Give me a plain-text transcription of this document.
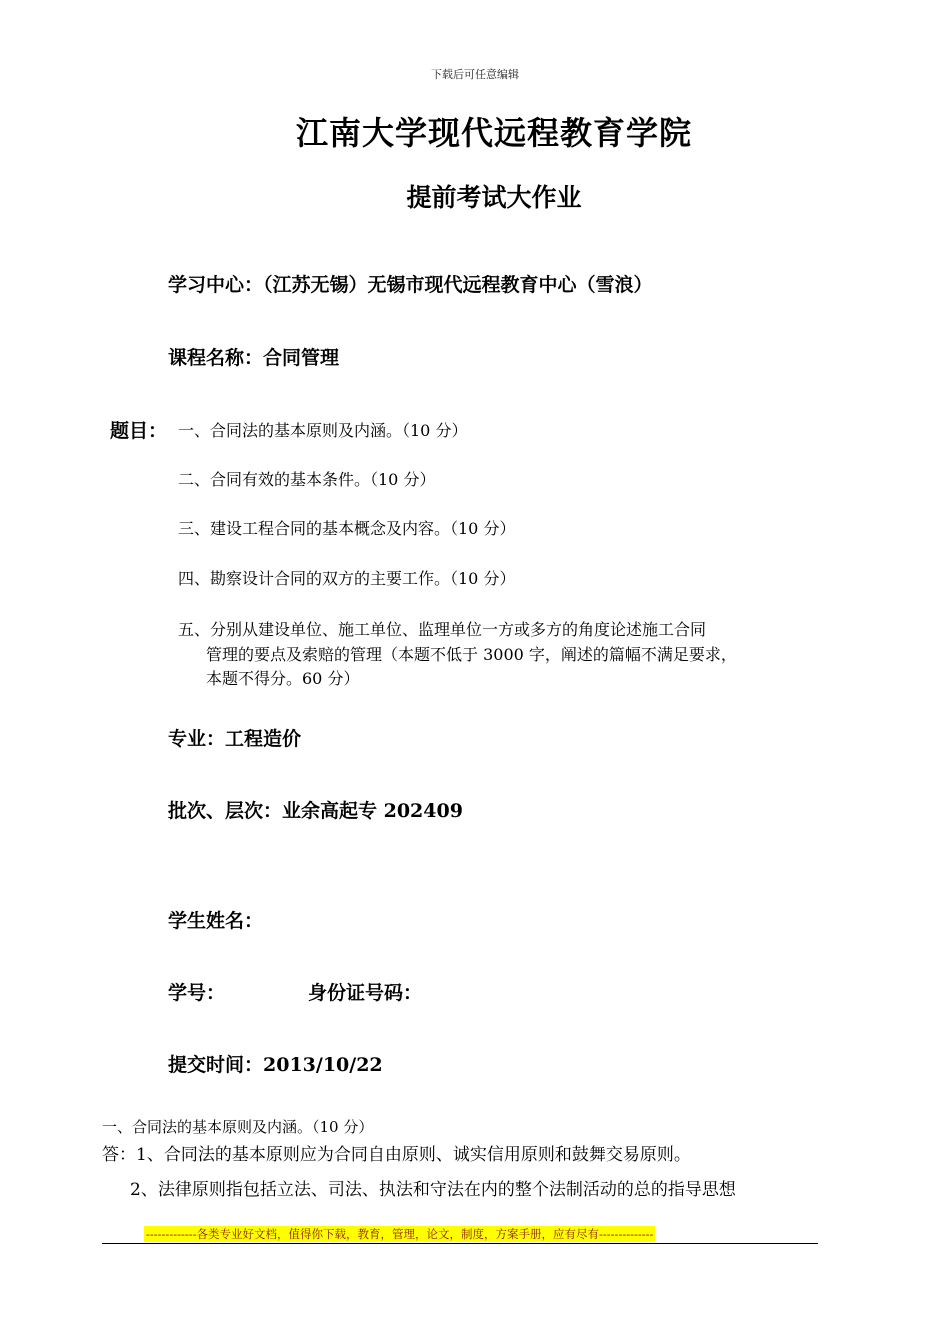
下载后可任意编辑
江南大学现代远程教育学院
提前考试大作业
学习中心：（江苏无锡）无锡市现代远程教育中心（雪浪）
课程名称：合同管理
题目： 一、合同法的基本原则及内涵。（10 分）
二、合同有效的基本条件。（10 分）
三、建设工程合同的基本概念及内容。（10 分）
四、勘察设计合同的双方的主要工作。（10 分）
五、分别从建设单位、施工单位、监理单位一方或多方的角度论述施工合同
管理的要点及索赔的管理（本题不低于 3000 字，阐述的篇幅不满足要求，
本题不得分。60 分）
专业：工程造价
批次、层次：业余高起专 202409
学生姓名：
学号：	身份证号码：
提交时间：2013/10/22
一、合同法的基本原则及内涵。（10 分）
答：1、合同法的基本原则应为合同自由原则、诚实信用原则和鼓舞交易原则。
2、法律原则指包括立法、司法、执法和守法在内的整个法制活动的总的指导思想
-------------各类专业好文档，值得你下载，教育，管理，论文，制度，方案手册，应有尽有--------------
